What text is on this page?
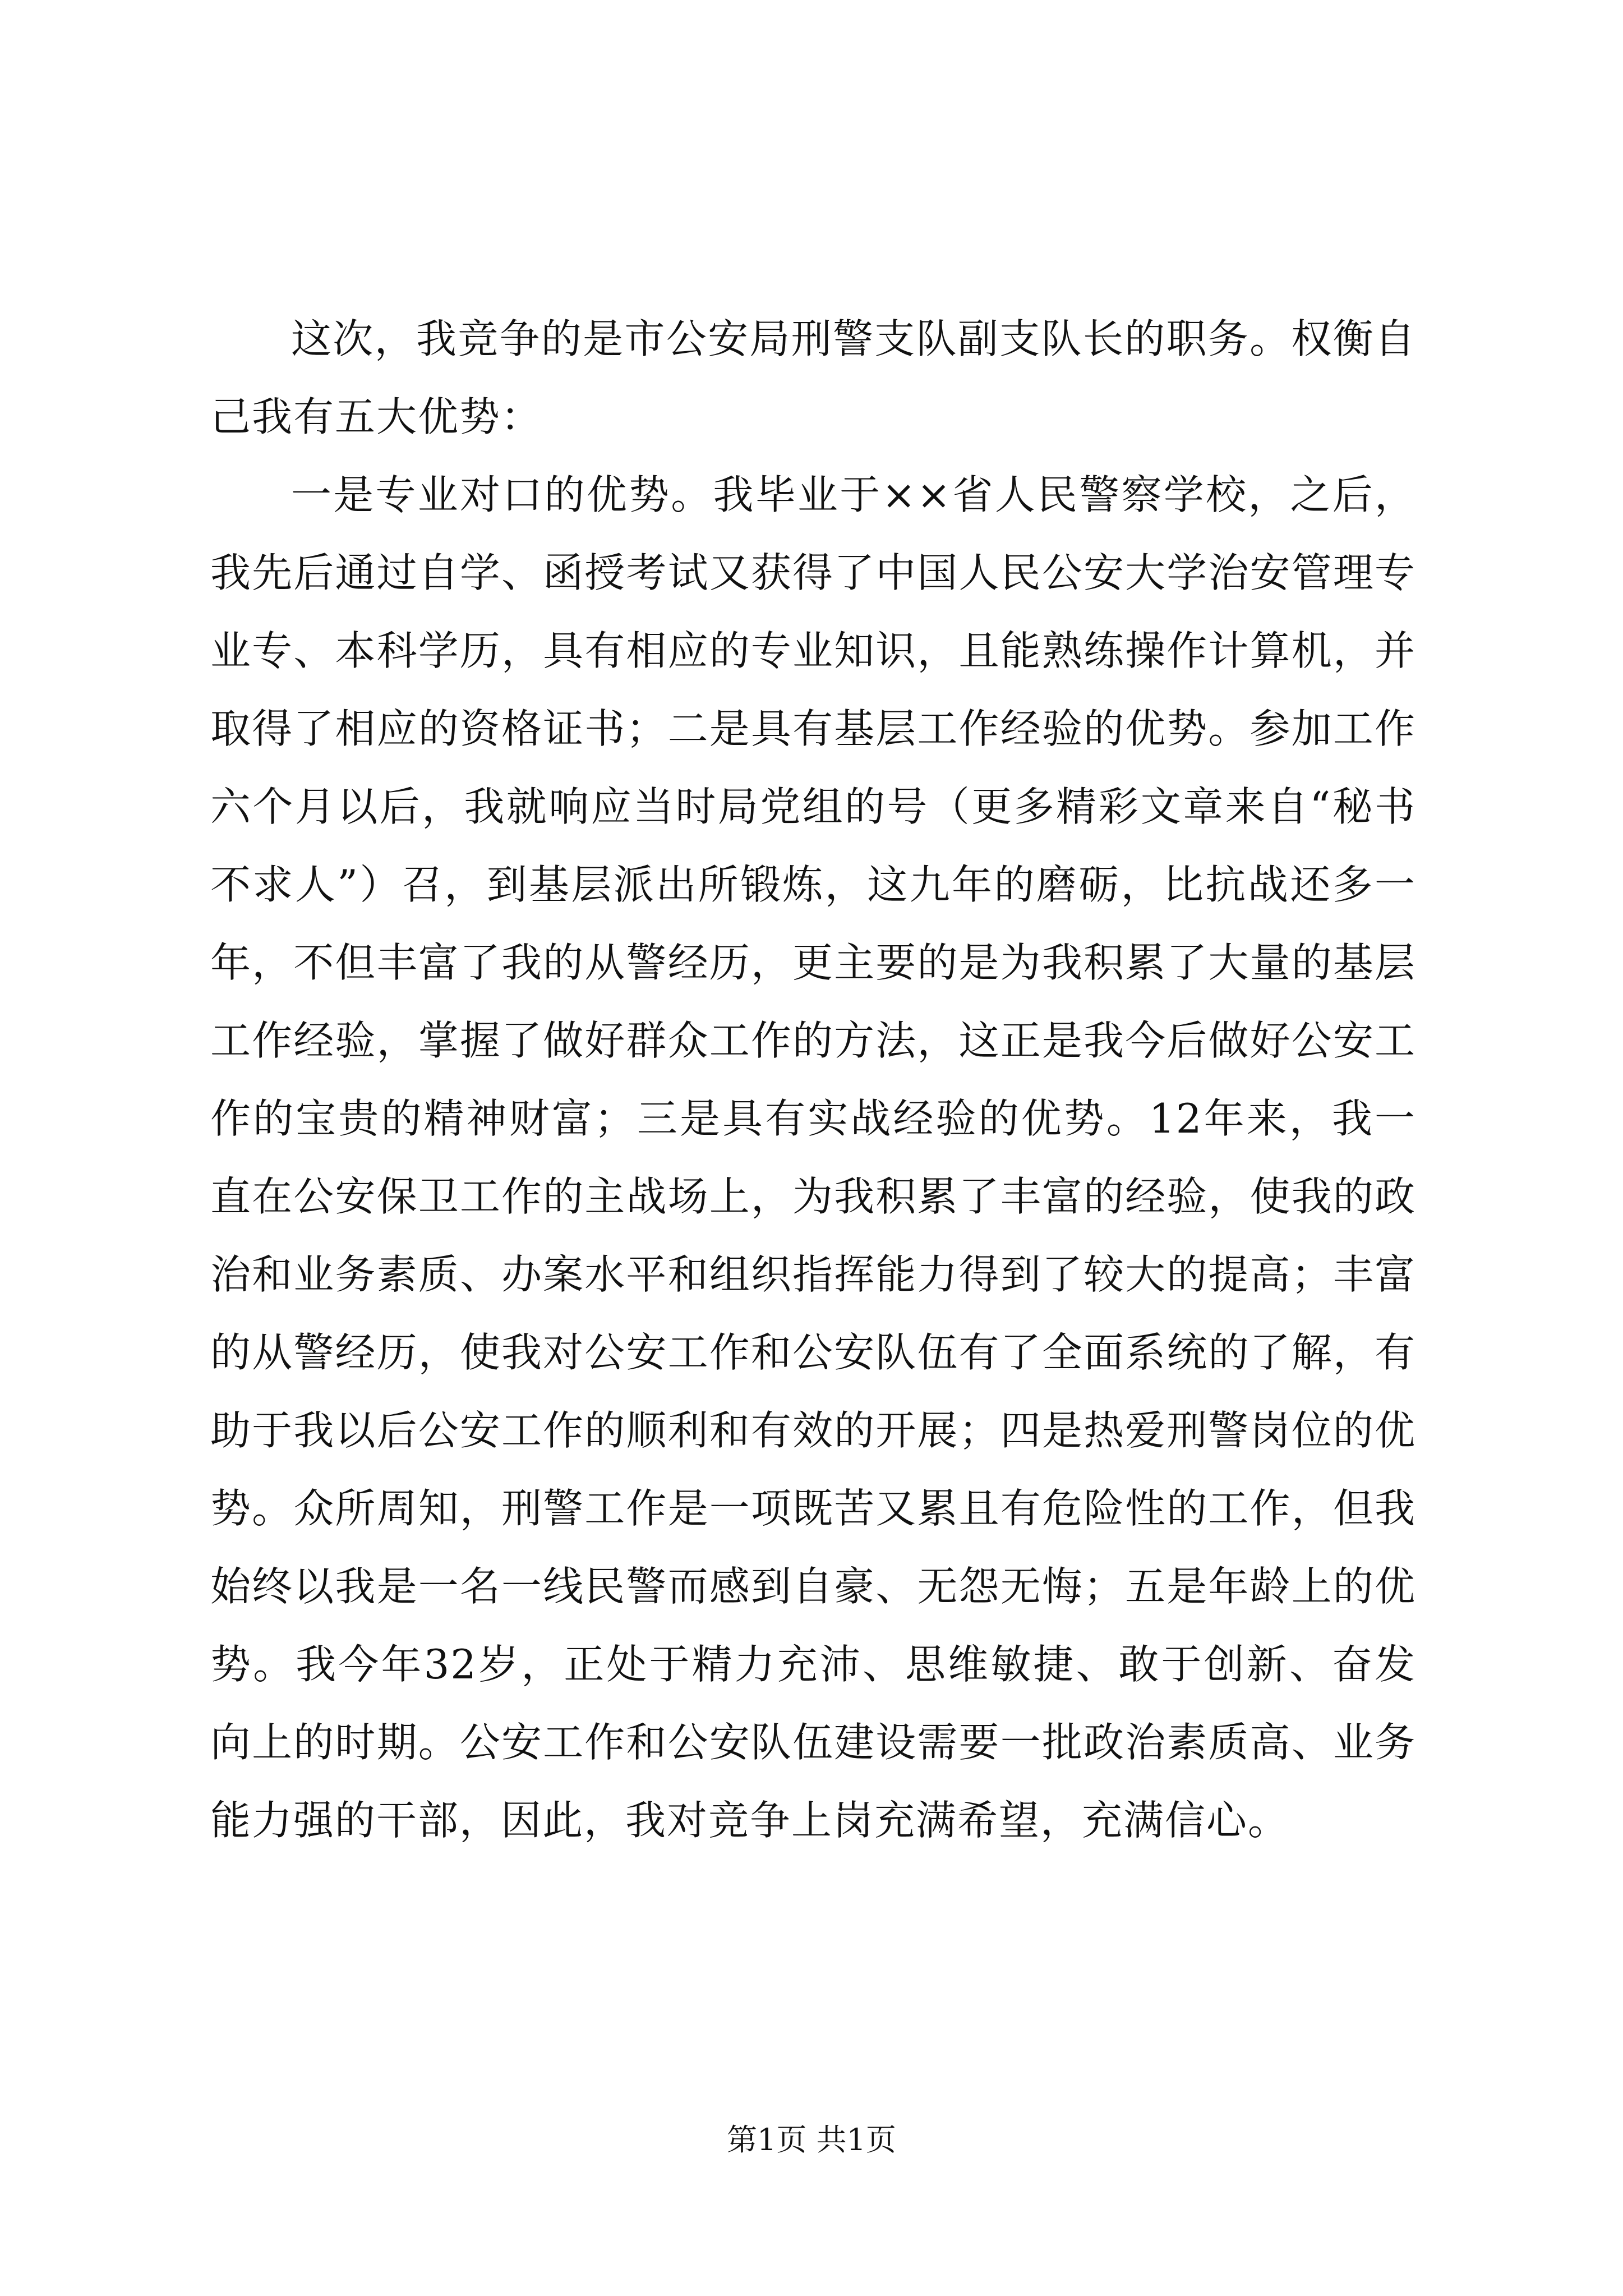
这次，我竞争的是市公安局刑警支队副支队长的职务。权衡自己我有五大优势：

一是专业对口的优势。我毕业于××省人民警察学校，之后，我先后通过自学、函授考试又获得了中国人民公安大学治安管理专业专、本科学历，具有相应的专业知识，且能熟练操作计算机，并取得了相应的资格证书；二是具有基层工作经验的优势。参加工作六个月以后，我就响应当时局党组的号（更多精彩文章来自“秘书不求人”）召，到基层派出所锻炼，这九年的磨砺，比抗战还多一年，不但丰富了我的从警经历，更主要的是为我积累了大量的基层工作经验，掌握了做好群众工作的方法，这正是我今后做好公安工作的宝贵的精神财富；三是具有实战经验的优势。12年来，我一直在公安保卫工作的主战场上，为我积累了丰富的经验，使我的政治和业务素质、办案水平和组织指挥能力得到了较大的提高；丰富的从警经历，使我对公安工作和公安队伍有了全面系统的了解，有助于我以后公安工作的顺利和有效的开展；四是热爱刑警岗位的优势。众所周知，刑警工作是一项既苦又累且有危险性的工作，但我始终以我是一名一线民警而感到自豪、无怨无悔；五是年龄上的优势。我今年32岁，正处于精力充沛、思维敏捷、敢于创新、奋发向上的时期。公安工作和公安队伍建设需要一批政治素质高、业务能力强的干部，因此，我对竞争上岗充满希望，充满信心。

第1页 共1页
